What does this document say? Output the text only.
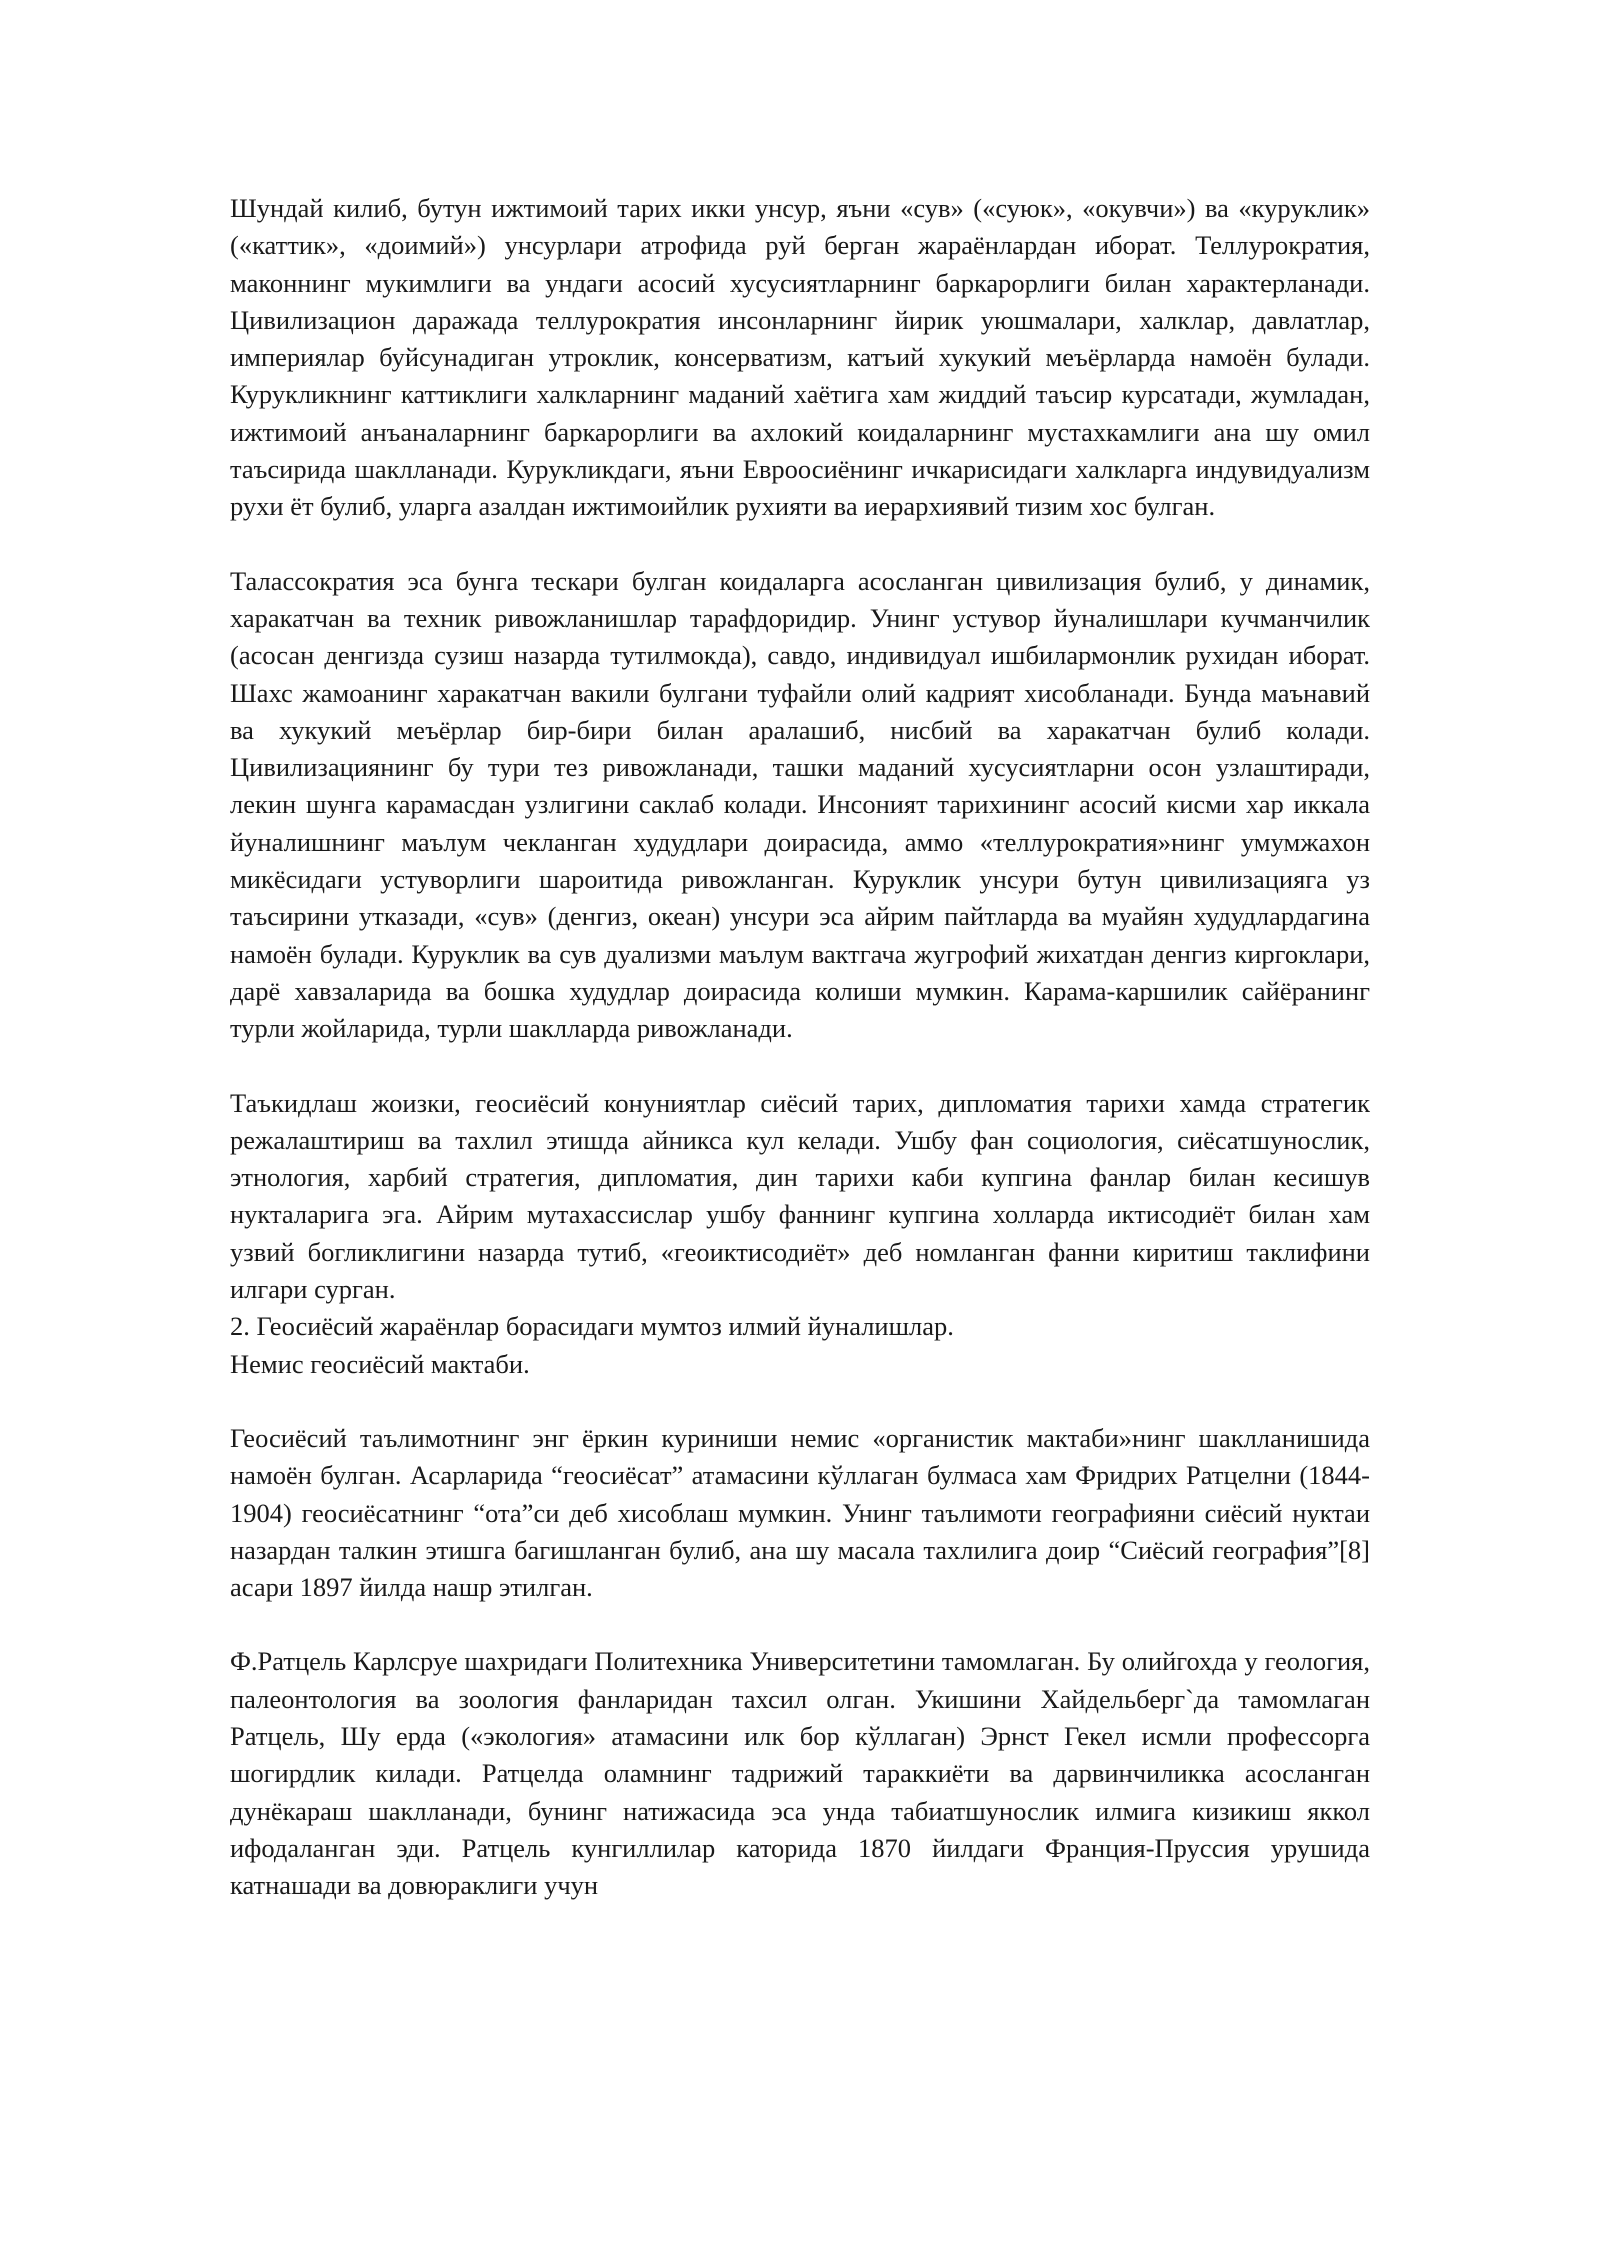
Шундай килиб, бутун ижтимоий тарих икки унсур, яъни «сув» («суюк», «окувчи») ва «куруклик» («каттик», «доимий») унсурлари атрофида руй берган жараёнлардан иборат. Теллурократия, маконнинг мукимлиги ва ундаги асосий хусусиятларнинг баркарорлиги билан характерланади. Цивилизацион даражада теллурократия инсонларнинг йирик уюшмалари, халклар, давлатлар, империялар буйсунадиган утроклик, консерватизм, катъий хукукий меъёрларда намоён булади. Курукликнинг каттиклиги халкларнинг маданий хаётига хам жиддий таъсир курсатади, жумладан, ижтимоий анъаналарнинг баркарорлиги ва ахлокий коидаларнинг мустахкамлиги ана шу омил таъсирида шаклланади. Курукликдаги, яъни Евроосиёнинг ичкарисидаги халкларга индувидуализм рухи ёт булиб, уларга азалдан ижтимоийлик рухияти ва иерархиявий тизим хос булган.

Талассократия эса бунга тескари булган коидаларга асосланган цивилизация булиб, у динамик, харакатчан ва техник ривожланишлар тарафдоридир. Унинг устувор йуналишлари кучманчилик (асосан денгизда сузиш назарда тутилмокда), савдо, индивидуал ишбилармонлик рухидан иборат. Шахс жамоанинг харакатчан вакили булгани туфайли олий кадрият хисобланади. Бунда маънавий ва хукукий меъёрлар бир-бири билан аралашиб, нисбий ва харакатчан булиб колади. Цивилизациянинг бу тури тез ривожланади, ташки маданий хусусиятларни осон узлаштиради, лекин шунга карамасдан узлигини саклаб колади. Инсоният тарихининг асосий кисми хар иккала йуналишнинг маълум чекланган худудлари доирасида, аммо «теллурократия»нинг умумжахон микёсидаги устуворлиги шароитида ривожланган. Куруклик унсури бутун цивилизацияга уз таъсирини утказади, «сув» (денгиз, океан) унсури эса айрим пайтларда ва муайян худудлардагина намоён булади. Куруклик ва сув дуализми маълум вактгача жугрофий жихатдан денгиз киргоклари, дарё хавзаларида ва бошка худудлар доирасида колиши мумкин. Карама-каршилик сайёранинг турли жойларида, турли шаклларда ривожланади.

Таъкидлаш жоизки, геосиёсий конуниятлар сиёсий тарих, дипломатия тарихи хамда стратегик режалаштириш ва тахлил этишда айникса кул келади. Ушбу фан социология, сиёсатшунослик, этнология, харбий стратегия, дипломатия, дин тарихи каби купгина фанлар билан кесишув нукталарига эга. Айрим мутахассислар ушбу фаннинг купгина холларда иктисодиёт билан хам узвий богликлигини назарда тутиб, «геоиктисодиёт» деб номланган фанни киритиш таклифини илгари сурган.

2. Геосиёсий жараёнлар борасидаги мумтоз илмий йуналишлар.

Немис геосиёсий мактаби.

Геосиёсий таълимотнинг энг ёркин куриниши немис «органистик мактаби»нинг шаклланишида намоён булган. Асарларида “геосиёсат” атамасини кўллаган булмаса хам Фридрих Ратцелни (1844-1904) геосиёсатнинг “ота”си деб хисоблаш мумкин. Унинг таълимоти географияни сиёсий нуктаи назардан талкин этишга багишланган булиб, ана шу масала тахлилига доир “Сиёсий география”[8] асари 1897 йилда нашр этилган.

Ф.Ратцель Карлсруе шахридаги Политехника Университетини тамомлаган. Бу олийгохда у геология, палеонтология ва зоология фанларидан тахсил олган. Укишини Хайдельберг`да тамомлаган Ратцель, Шу ерда («экология» атамасини илк бор кўллаган) Эрнст Гекел исмли профессорга шогирдлик килади. Ратцелда оламнинг тадрижий тараккиёти ва дарвинчиликка асосланган дунёкараш шаклланади, бунинг натижасида эса унда табиатшунослик илмига кизикиш яккол ифодаланган эди. Ратцель кунгиллилар каторида 1870 йилдаги Франция-Пруссия урушида катнашади ва довюраклиги учун
